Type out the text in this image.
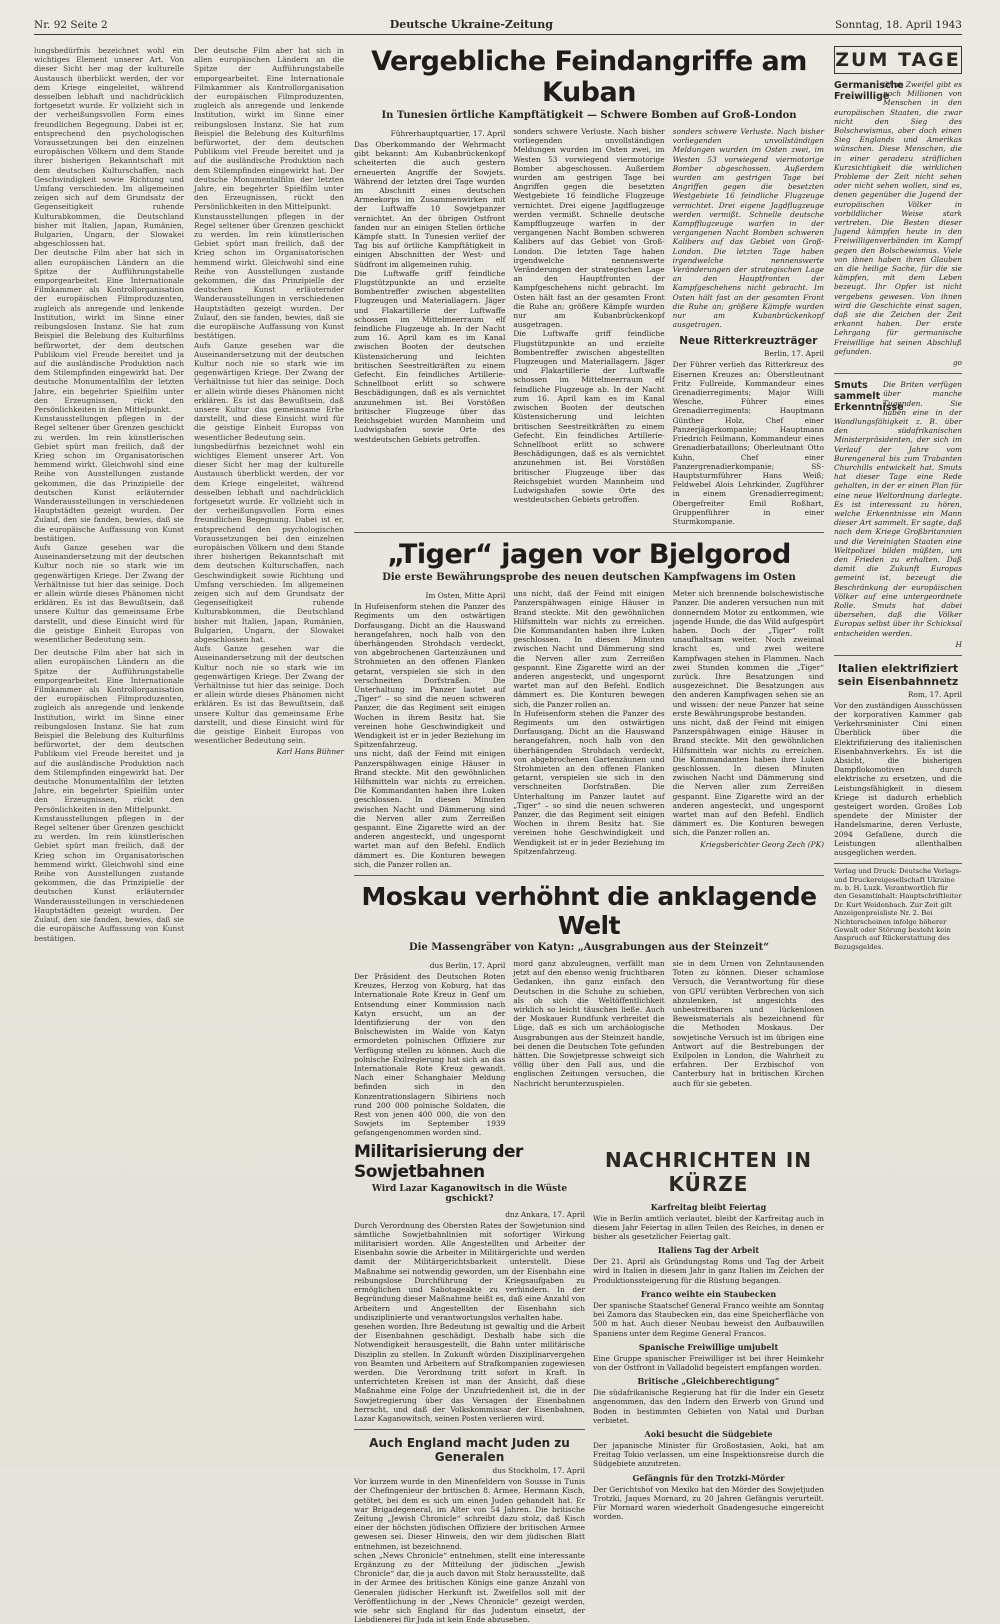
Nr. 92 Seite 2	Deutsche Ukraine-Zeitung	Sonntag, 18. April 1943

lungsbedürfnis bezeichnet wohl ein wichtiges Element unserer Art. Von dieser Sicht her mag der kulturelle Austausch überblickt werden, der vor dem Kriege eingeleitet, während desselben lebhaft und nachdrücklich fortgesetzt wurde. Er vollzieht sich in der verheißungsvollen Form eines freundlichen Begegnung. Dabei ist er, entsprechend den psychologischen Voraussetzungen bei den einzelnen europäischen Völkern und dem Stande ihrer bisherigen Bekanntschaft mit dem deutschen Kulturschaffen, nach Geschwindigkeit sowie Richtung und Umfang verschieden. Im allgemeinen zeigen sich auf dem Grundsatz der Gegenseitigkeit ruhende Kulturabkommen, die Deutschland bisher mit Italien, Japan, Rumänien, Bulgarien, Ungarn, der Slowakei abgeschlossen hat.

Der deutsche Film aber hat sich in allen europäischen Ländern an die Spitze der Aufführungstabelle emporgearbeitet. Eine Internationale Filmkammer als Kontrollorganisation der europäischen Filmproduzenten, zugleich als anregende und lenkende Institution, wirkt im Sinne einer reibungslosen Instanz. Sie hat zum Beispiel die Belebung des Kulturfilms befürwortet, der dem deutschen Publikum viel Freude bereitet und ja auf die ausländische Produktion nach dem Stilempfinden eingewirkt hat. Der deutsche Monumentalfilm der letzten Jahre, ein begehrter Spielfilm unter den Erzeugnissen, rückt den Persönlichkeiten in den Mittelpunkt.

Kunstausstellungen pflegen in der Regel seltener über Grenzen geschickt zu werden. Im rein künstlerischen Gebiet spürt man freilich, daß der Krieg schon im Organisatorischen hemmend wirkt. Gleichwohl sind eine Reihe von Ausstellungen zustande gekommen, die das Prinzipielle der deutschen Kunst erläuternder Wanderausstellungen in verschiedenen Hauptstädten gezeigt wurden. Der Zulauf, den sie fanden, bewies, daß sie die europäische Auffassung von Kunst bestätigen.

Aufs Ganze gesehen war die Auseinandersetzung mit der deutschen Kultur noch nie so stark wie im gegenwärtigen Kriege. Der Zwang der Verhältnisse tut hier das seinige. Doch er allein würde dieses Phänomen nicht erklären. Es ist das Bewußtsein, daß unsere Kultur das gemeinsame Erbe darstellt, und diese Einsicht wird für die geistige Einheit Europas von wesentlicher Bedeutung sein.

Der deutsche Film aber hat sich in allen europäischen Ländern an die Spitze der Aufführungstabelle emporgearbeitet. Eine Internationale Filmkammer als Kontrollorganisation der europäischen Filmproduzenten, zugleich als anregende und lenkende Institution, wirkt im Sinne einer reibungslosen Instanz. Sie hat zum Beispiel die Belebung des Kulturfilms befürwortet, der dem deutschen Publikum viel Freude bereitet und ja auf die ausländische Produktion nach dem Stilempfinden eingewirkt hat. Der deutsche Monumentalfilm der letzten Jahre, ein begehrter Spielfilm unter den Erzeugnissen, rückt den Persönlichkeiten in den Mittelpunkt.

Kunstausstellungen pflegen in der Regel seltener über Grenzen geschickt zu werden. Im rein künstlerischen Gebiet spürt man freilich, daß der Krieg schon im Organisatorischen hemmend wirkt. Gleichwohl sind eine Reihe von Ausstellungen zustande gekommen, die das Prinzipielle der deutschen Kunst erläuternder Wanderausstellungen in verschiedenen Hauptstädten gezeigt wurden. Der Zulauf, den sie fanden, bewies, daß sie die europäische Auffassung von Kunst bestätigen.

Der deutsche Film aber hat sich in allen europäischen Ländern an die Spitze der Aufführungstabelle emporgearbeitet. Eine Internationale Filmkammer als Kontrollorganisation der europäischen Filmproduzenten, zugleich als anregende und lenkende Institution, wirkt im Sinne einer reibungslosen Instanz. Sie hat zum Beispiel die Belebung des Kulturfilms befürwortet, der dem deutschen Publikum viel Freude bereitet und ja auf die ausländische Produktion nach dem Stilempfinden eingewirkt hat. Der deutsche Monumentalfilm der letzten Jahre, ein begehrter Spielfilm unter den Erzeugnissen, rückt den Persönlichkeiten in den Mittelpunkt.

Kunstausstellungen pflegen in der Regel seltener über Grenzen geschickt zu werden. Im rein künstlerischen Gebiet spürt man freilich, daß der Krieg schon im Organisatorischen hemmend wirkt. Gleichwohl sind eine Reihe von Ausstellungen zustande gekommen, die das Prinzipielle der deutschen Kunst erläuternder Wanderausstellungen in verschiedenen Hauptstädten gezeigt wurden. Der Zulauf, den sie fanden, bewies, daß sie die europäische Auffassung von Kunst bestätigen.

Aufs Ganze gesehen war die Auseinandersetzung mit der deutschen Kultur noch nie so stark wie im gegenwärtigen Kriege. Der Zwang der Verhältnisse tut hier das seinige. Doch er allein würde dieses Phänomen nicht erklären. Es ist das Bewußtsein, daß unsere Kultur das gemeinsame Erbe darstellt, und diese Einsicht wird für die geistige Einheit Europas von wesentlicher Bedeutung sein.

lungsbedürfnis bezeichnet wohl ein wichtiges Element unserer Art. Von dieser Sicht her mag der kulturelle Austausch überblickt werden, der vor dem Kriege eingeleitet, während desselben lebhaft und nachdrücklich fortgesetzt wurde. Er vollzieht sich in der verheißungsvollen Form eines freundlichen Begegnung. Dabei ist er, entsprechend den psychologischen Voraussetzungen bei den einzelnen europäischen Völkern und dem Stande ihrer bisherigen Bekanntschaft mit dem deutschen Kulturschaffen, nach Geschwindigkeit sowie Richtung und Umfang verschieden. Im allgemeinen zeigen sich auf dem Grundsatz der Gegenseitigkeit ruhende Kulturabkommen, die Deutschland bisher mit Italien, Japan, Rumänien, Bulgarien, Ungarn, der Slowakei abgeschlossen hat.

Aufs Ganze gesehen war die Auseinandersetzung mit der deutschen Kultur noch nie so stark wie im gegenwärtigen Kriege. Der Zwang der Verhältnisse tut hier das seinige. Doch er allein würde dieses Phänomen nicht erklären. Es ist das Bewußtsein, daß unsere Kultur das gemeinsame Erbe darstellt, und diese Einsicht wird für die geistige Einheit Europas von wesentlicher Bedeutung sein.

Karl Hans Bühner

Vergebliche Feindangriffe am Kuban
In Tunesien örtliche Kampftätigkeit — Schwere Bomben auf Groß-London

Führerhauptquartier, 17. April

Das Oberkommando der Wehrmacht gibt bekannt: Am Kubanbrückenkopf scheiterten die auch gestern erneuerten Angriffe der Sowjets. Während der letzten drei Tage wurden im Abschnitt eines deutschen Armeekorps im Zusammenwirken mit der Luftwaffe 10 Sowjetpanzer vernichtet. An der übrigen Ostfront fanden nur an einigen Stellen örtliche Kämpfe statt. In Tunesien verlief der Tag bis auf örtliche Kampftätigkeit in einigen Abschnitten der West- und Südfront im allgemeinen ruhig.

Die Luftwaffe griff feindliche Flugstützpunkte an und erzielte Bombentreffer zwischen abgestellten Flugzeugen und Materiallagern. Jäger und Flakartillerie der Luftwaffe schossen im Mittelmeerraum elf feindliche Flugzeuge ab. In der Nacht zum 16. April kam es im Kanal zwischen Booten der deutschen Küstensicherung und leichten britischen Seestreitkräften zu einem Gefecht. Ein feindliches Artillerie-Schnellboot erlitt so schwere Beschädigungen, daß es als vernichtet anzunehmen ist. Bei Vorstößen britischer Flugzeuge über das Reichsgebiet wurden Mannheim und Ludwigshafen sowie Orte des westdeutschen Gebiets getroffen.

sonders schwere Verluste. Nach bisher vorliegenden unvollständigen Meldungen wurden im Osten zwei, im Westen 53 vorwiegend viermotorige Bomber abgeschossen. Außerdem wurden am gestrigen Tage bei Angriffen gegen die besetzten Westgebiete 16 feindliche Flugzeuge vernichtet. Drei eigene Jagdflugzeuge werden vermißt. Schnelle deutsche Kampfflugzeuge warfen in der vergangenen Nacht Bomben schweren Kalibers auf das Gebiet von Groß-London. Die letzten Tage haben irgendwelche nennenswerte Veränderungen der strategischen Lage an den Hauptfronten der Kampfgeschehens nicht gebracht. Im Osten hält fast an der gesamten Front die Ruhe an; größere Kämpfe wurden nur am Kubanbrückenkopf ausgetragen.

Die Luftwaffe griff feindliche Flugstützpunkte an und erzielte Bombentreffer zwischen abgestellten Flugzeugen und Materiallagern. Jäger und Flakartillerie der Luftwaffe schossen im Mittelmeerraum elf feindliche Flugzeuge ab. In der Nacht zum 16. April kam es im Kanal zwischen Booten der deutschen Küstensicherung und leichten britischen Seestreitkräften zu einem Gefecht. Ein feindliches Artillerie-Schnellboot erlitt so schwere Beschädigungen, daß es als vernichtet anzunehmen ist. Bei Vorstößen britischer Flugzeuge über das Reichsgebiet wurden Mannheim und Ludwigshafen sowie Orte des westdeutschen Gebiets getroffen.

sonders schwere Verluste. Nach bisher vorliegenden unvollständigen Meldungen wurden im Osten zwei, im Westen 53 vorwiegend viermotorige Bomber abgeschossen. Außerdem wurden am gestrigen Tage bei Angriffen gegen die besetzten Westgebiete 16 feindliche Flugzeuge vernichtet. Drei eigene Jagdflugzeuge werden vermißt. Schnelle deutsche Kampfflugzeuge warfen in der vergangenen Nacht Bomben schweren Kalibers auf das Gebiet von Groß-London. Die letzten Tage haben irgendwelche nennenswerte Veränderungen der strategischen Lage an den Hauptfronten der Kampfgeschehens nicht gebracht. Im Osten hält fast an der gesamten Front die Ruhe an; größere Kämpfe wurden nur am Kubanbrückenkopf ausgetragen.

Neue Ritterkreuzträger

Berlin, 17. April

Der Führer verlieh das Ritterkreuz des Eisernen Kreuzes an: Oberstleutnant Fritz Fullreide, Kommandeur eines Grenadierregiments; Major Willi Wesche, Führer eines Grenadierregiments; Hauptmann Günther Holz, Chef einer Panzerjägerkompanie; Hauptmann Friedrich Feilmann, Kommandeur eines Grenadierbataillons; Oberleutnant Otto Kuhn, Chef einer Panzergrenadierkompanie; SS-Hauptsturmführer Hans Weiß; Feldwebel Alois Lehrkinder, Zugführer in einem Grenadierregiment; Obergefreiter Emil Roßhart, Gruppenführer in einer Sturmkompanie.

„Tiger“ jagen vor Bjelgorod
Die erste Bewährungsprobe des neuen deutschen Kampfwagens im Osten

Im Osten, Mitte April

In Hufeisenform stehen die Panzer des Regiments um den ostwärtigen Dorfausgang. Dicht an die Hauswand herangefahren, noch halb von den überhängenden Strohdach verdeckt, von abgebrochenen Gartenzäunen und Strohmieten an den offenen Flanken getarnt, verspielen sie sich in den verschneiten Dorfstraßen. Die Unterhaltung im Panzer lautet auf „Tiger“ – so sind die neuen schweren Panzer, die das Regiment seit einigen Wochen in ihrem Besitz hat. Sie vereinen hohe Geschwindigkeit und Wendigkeit ist er in jeder Beziehung im Spitzenfahrzeug.

uns nicht, daß der Feind mit einigen Panzerspähwagen einige Häuser in Brand steckte. Mit den gewöhnlichen Hilfsmitteln war nichts zu erreichen. Die Kommandanten haben ihre Luken geschlossen. In diesen Minuten zwischen Nacht und Dämmerung sind die Nerven aller zum Zerreißen gespannt. Eine Zigarette wird an der anderen angesteckt, und ungespornt wartet man auf den Befehl. Endlich dämmert es. Die Konturen bewegen sich, die Panzer rollen an.

uns nicht, daß der Feind mit einigen Panzerspähwagen einige Häuser in Brand steckte. Mit den gewöhnlichen Hilfsmitteln war nichts zu erreichen. Die Kommandanten haben ihre Luken geschlossen. In diesen Minuten zwischen Nacht und Dämmerung sind die Nerven aller zum Zerreißen gespannt. Eine Zigarette wird an der anderen angesteckt, und ungespornt wartet man auf den Befehl. Endlich dämmert es. Die Konturen bewegen sich, die Panzer rollen an.

In Hufeisenform stehen die Panzer des Regiments um den ostwärtigen Dorfausgang. Dicht an die Hauswand herangefahren, noch halb von den überhängenden Strohdach verdeckt, von abgebrochenen Gartenzäunen und Strohmieten an den offenen Flanken getarnt, verspielen sie sich in den verschneiten Dorfstraßen. Die Unterhaltung im Panzer lautet auf „Tiger“ – so sind die neuen schweren Panzer, die das Regiment seit einigen Wochen in ihrem Besitz hat. Sie vereinen hohe Geschwindigkeit und Wendigkeit ist er in jeder Beziehung im Spitzenfahrzeug.

Meter sich brennende bolschewistische Panzer. Die anderen versuchen nun mit donnerndem Motor zu entkommen, wie jagende Hunde, die das Wild aufgespürt haben. Doch der „Tiger“ rollt unaufhaltsam weiter. Noch zweimal kracht es, und zwei weitere Kampfwagen stehen in Flammen. Nach zwei Stunden kommen die „Tiger“ zurück. Ihre Besatzungen sind ausgezeichnet. Die Besatzungen aus den anderen Kampfwagen sehen sie an und wissen: der neue Panzer hat seine erste Bewährungsprobe bestanden.

uns nicht, daß der Feind mit einigen Panzerspähwagen einige Häuser in Brand steckte. Mit den gewöhnlichen Hilfsmitteln war nichts zu erreichen. Die Kommandanten haben ihre Luken geschlossen. In diesen Minuten zwischen Nacht und Dämmerung sind die Nerven aller zum Zerreißen gespannt. Eine Zigarette wird an der anderen angesteckt, und ungespornt wartet man auf den Befehl. Endlich dämmert es. Die Konturen bewegen sich, die Panzer rollen an.

Kriegsberichter Georg Zech (PK)

Moskau verhöhnt die anklagende Welt
Die Massengräber von Katyn: „Ausgrabungen aus der Steinzeit“

dus Berlin, 17. April

Der Präsident des Deutschen Roten Kreuzes, Herzog von Koburg, hat das Internationale Rote Kreuz in Genf um Entsendung einer Kommission nach Katyn ersucht, um an der Identifizierung der von den Bolschewisten im Walde von Katyn ermordeten polnischen Offiziere zur Verfügung stellen zu können. Auch die polnische Exilregierung hat sich an das Internationale Rote Kreuz gewandt. Nach einer Schanghaier Meldung befinden sich in den Konzentrationslagern Sibiriens noch rund 200 000 polnische Soldaten, die Rest von jenen 400 000, die von den Sowjets im September 1939 gefangengenommen worden sind.

mord ganz abzuleugnen, verfällt man jetzt auf den ebenso wenig fruchtbaren Gedanken, ihn ganz einfach den Deutschen in die Schuhe zu schieben, als ob sich die Weltöffentlichkeit wirklich so leicht täuschen ließe. Auch der Moskauer Rundfunk verbreitet die Lüge, daß es sich um archäologische Ausgrabungen aus der Steinzeit handle, bei denen die Deutschen Tote gefunden hätten. Die Sowjetpresse schweigt sich völlig über den Fall aus, und die englischen Zeitungen versuchen, die Nachricht herunterzuspielen.

sie in dem Urnen von Zehntausenden Toten zu können. Dieser schamlose Versuch, die Verantwortung für diese von GPU verübten Verbrechen von sich abzulenken, ist angesichts des unbestreitbaren und lückenlosen Beweismaterials als bezeichnend für die Methoden Moskaus. Der sowjetische Versuch ist im übrigen eine Antwort auf die Bestrebungen der Exilpolen in London, die Wahrheit zu erfahren. Der Erzbischof von Canterbury hat in britischen Kirchen auch für sie gebeten.

Militarisierung der Sowjetbahnen
Wird Lazar Kaganowitsch in die Wüste gschickt?

dnz Ankara, 17. April

Durch Verordnung des Obersten Rates der Sowjetunion sind sämtliche Sowjetbahnlinien mit sofortiger Wirkung militarisiert worden. Alle Angestellten und Arbeiter der Eisenbahn sowie die Arbeiter in Militärgerichte und werden damit der Militärgerichtsbarkeit unterstellt. Diese Maßnahme sei notwendig geworden, um der Eisenbahn eine reibungslose Durchführung der Kriegsaufgaben zu ermöglichen und Sabotageakte zu verhindern. In der Begründung dieser Maßnahme heißt es, daß eine Anzahl von Arbeitern und Angestellten der Eisenbahn sich undisziplinierte und verantwortungslos verhalten habe.

gesehen worden. Ihre Bedeutung ist gewaltig und die Arbeit der Eisenbahnen geschädigt. Deshalb habe sich die Notwendigkeit herausgestellt, die Bahn unter militärische Disziplin zu stellen. In Zukunft würden Disziplinarvergehen von Beamten und Arbeitern auf Strafkompanien zugewiesen werden. Die Verordnung tritt sofort in Kraft. In unterrichteten Kreisen ist man der Ansicht, daß diese Maßnahme eine Folge der Unzufriedenheit ist, die in der Sowjetregierung über das Versagen der Eisenbahnen herrscht, und daß der Volkskommissar der Eisenbahnen, Lazar Kaganowitsch, seinen Posten verlieren wird.

Auch England macht Juden zu Generalen

dus Stockholm, 17. April

Vor kurzem wurde in den Minenfeldern von Sousse in Tunis der Chefingenieur der britischen 8. Armee, Hermann Kisch, getötet, bei dem es sich um einen Juden gehandelt hat. Er war Brigadegeneral, im Alter von 54 Jahren. Die britische Zeitung „Jewish Chronicle“ schreibt dazu stolz, daß Kisch einer der höchsten jüdischen Offiziere der britischen Armee gewesen sei. Dieser Hinweis, den wir dem jüdischen Blatt entnehmen, ist bezeichnend.

schen „News Chronicle“ entnehmen, stellt eine interessante Ergänzung zu der Mitteilung der jüdischen „Jewish Chronicle“ dar, die ja auch davon mit Stolz herausstellte, daß in der Armee des britischen Königs eine ganze Anzahl von Generalen jüdischer Herkunft ist. Zweifellos soll mit der Veröffentlichung in der „News Chronicle“ gezeigt werden, wie sehr sich England für das Judentum einsetzt, der Liebdienerei für Juda ist kein Ende abzusehen.

NACHRICHTEN IN KÜRZE
Karfreitag bleibt Feiertag

Wie in Berlin amtlich verlautet, bleibt der Karfreitag auch in diesem Jahr Feiertag in allen Teilen des Reiches, in denen er bisher als gesetzlicher Feiertag galt.

Italiens Tag der Arbeit

Der 21. April als Gründungstag Roms und Tag der Arbeit wird in Italien in diesem Jahr in ganz Italien im Zeichen der Produktionssteigerung für die Rüstung begangen.

Franco weihte ein Staubecken

Der spanische Staatschef General Franco weihte am Sonntag bei Zamora das Staubecken ein, das eine Speicherfläche von 500 m hat. Auch dieser Neubau beweist den Aufbauwillen Spaniens unter dem Regime General Francos.

Spanische Freiwillige umjubelt

Eine Gruppe spanischer Freiwilliger ist bei ihrer Heimkehr von der Ostfront in Valladolid begeistert empfangen worden.

Britische „Gleichberechtigung“

Die südafrikanische Regierung hat für die Inder ein Gesetz angenommen, das den Indern den Erwerb von Grund und Boden in bestimmten Gebieten von Natal und Durban verbietet.

Aoki besucht die Südgebiete

Der japanische Minister für Großostasien, Aoki, hat am Freitag Tokio verlassen, um eine Inspektionsreise durch die Südgebiete anzutreten.

Gefängnis für den Trotzki-Mörder

Der Gerichtshof von Mexiko hat den Mörder des Sowjetjuden Trotzki, Jaques Mornard, zu 20 Jahren Gefängnis verurteilt. Für Mornard waren wiederholt Gnadengesuche eingereicht worden.

ZUM TAGE
Germanische Freiwillige

Ohne Zweifel gibt es noch Millionen von Menschen in den europäischen Staaten, die zwar nicht den Sieg des Bolschewismus, aber doch einen Sieg Englands und Amerikas wünschen. Diese Menschen, die in einer geradezu sträflichen Kurzsichtigkeit die wirklichen Probleme der Zeit nicht sehen oder nicht sehen wollen, sind es, denen gegenüber die Jugend der europäischen Völker in vorbildlicher Weise stark vertreten. Die Besten dieser Jugend kämpfen heute in den Freiwilligenverbänden im Kampf gegen den Bolschewismus. Viele von ihnen haben ihren Glauben an die heilige Sache, für die sie kämpfen, mit dem Leben bezeugt. Ihr Opfer ist nicht vergebens gewesen. Von ihnen wird die Geschichte einst sagen, daß sie die Zeichen der Zeit erkannt haben. Der erste Lehrgang für germanische Freiwillige hat seinen Abschluß gefunden.

go

Smuts sammelt Erkenntnisse

Die Briten verfügen über manche Tugenden. Sie haben eine in der Wandlungsfähigkeit z. B. über den südafrikanischen Ministerpräsidenten, der sich im Verlauf der Jahre vom Burengeneral bis zum Trabanten Churchills entwickelt hat. Smuts hat dieser Tage eine Rede gehalten, in der er einen Plan für eine neue Weltordnung darlegte. Es ist interessant zu hören, welche Erkenntnisse ein Mann dieser Art sammelt. Er sagte, daß nach dem Kriege Großbritannien und die Vereinigten Staaten eine Weltpolizei bilden müßten, um den Frieden zu erhalten. Daß damit die Zukunft Europas gemeint ist, bezeugt die Beschränkung der europäischen Völker auf eine untergeordnete Rolle. Smuts hat dabei übersehen, daß die Völker Europas selbst über ihr Schicksal entscheiden werden.

H

Italien elektrifiziert sein Eisenbahnnetz

Rom, 17. April

Vor den zuständigen Ausschüssen der korporativen Kammer gab Verkehrsminister Cini einen Überblick über die Elektrifizierung des italienischen Eisenbahnverkehrs. Es ist die Absicht, die bisherigen Dampflokomotiven durch elektrische zu ersetzen, und die Leistungsfähigkeit in diesem Kriege ist dadurch erheblich gesteigert worden. Großes Lob spendete der Minister der Handelsmarine, deren Verluste, 2094 Gefallene, durch die Leistungen allenthalben ausgeglichen werden.

Verlag und Druck: Deutsche Verlags- und Druckereigesellschaft Ukraine m. b. H. Luzk. Verantwortlich für den Gesamtinhalt: Hauptschriftleiter Dr. Kurt Weidenbach. Zur Zeit gilt Anzeigenpreisliste Nr. 2. Bei Nichterscheinen infolge höherer Gewalt oder Störung besteht kein Anspruch auf Rückerstattung des Bezugsgeldes.
